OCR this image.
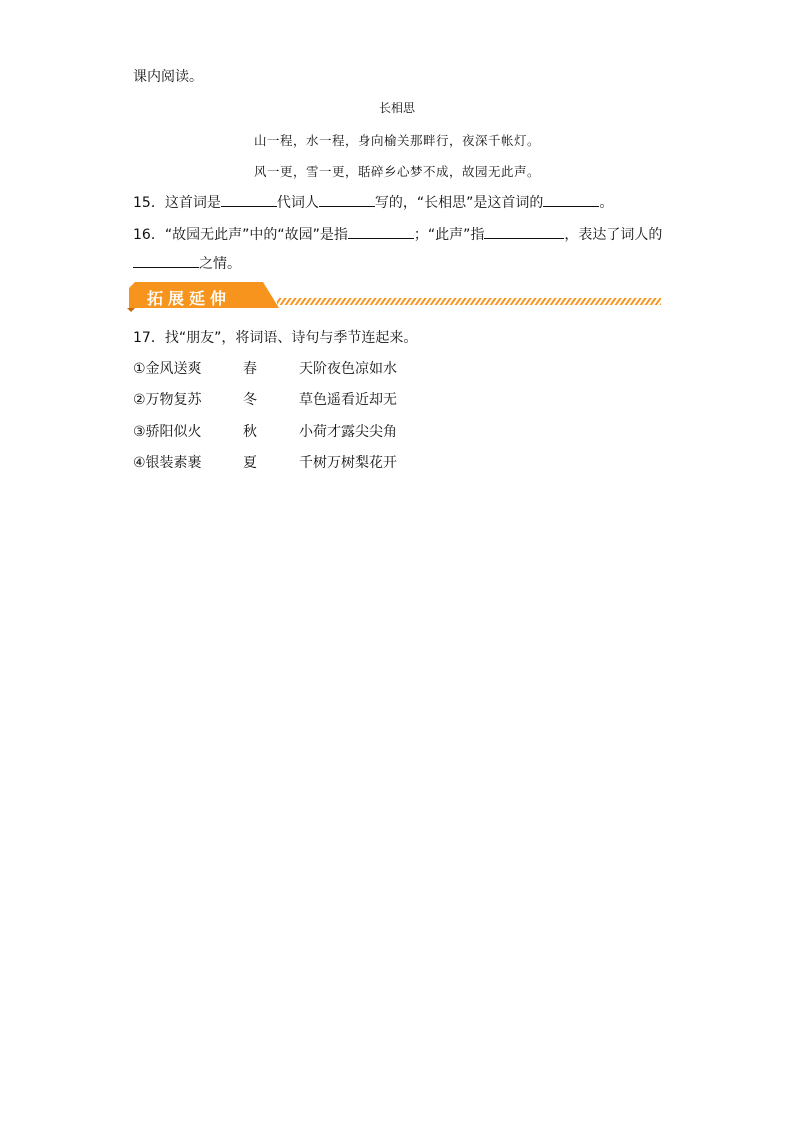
课内阅读。
长相思
山一程，水一程，身向榆关那畔行，夜深千帐灯。
风一更，雪一更，聒碎乡心梦不成，故园无此声。
15．这首词是	代词人	写的，“长相思”是这首词的	。
16．“故园无此声”中的“故园”是指	；“此声”指	，表达了词人的
之情。
拓展延伸
17．找“朋友”，将词语、诗句与季节连起来。
①金风送爽	春	天阶夜色凉如水
②万物复苏	冬	草色遥看近却无
③骄阳似火	秋	小荷才露尖尖角
④银装素裹	夏	千树万树梨花开
